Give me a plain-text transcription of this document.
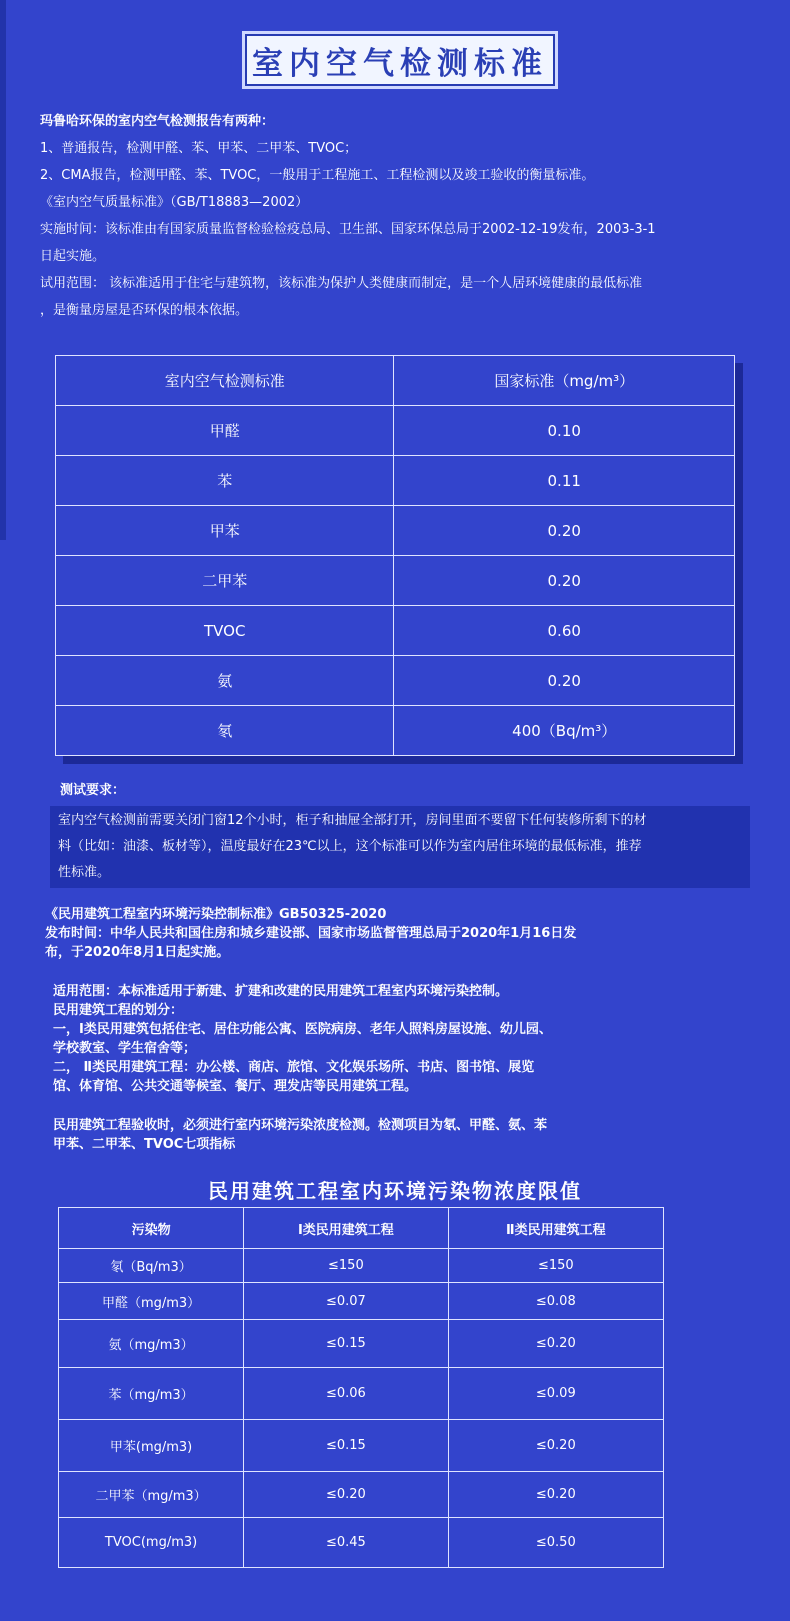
室内空气检测标准
玛鲁哈环保的室内空气检测报告有两种：
1、普通报告，检测甲醛、苯、甲苯、二甲苯、TVOC；
2、CMA报告，检测甲醛、苯、TVOC，一般用于工程施工、工程检测以及竣工验收的衡量标准。
《室内空气质量标准》（GB/T18883—2002）
实施时间：该标准由有国家质量监督检验检疫总局、卫生部、国家环保总局于2002-12-19发布，2003-3-1
日起实施。
试用范围： 该标准适用于住宅与建筑物，该标准为保护人类健康而制定，是一个人居环境健康的最低标准
，是衡量房屋是否环保的根本依据。
室内空气检测标准	国家标准（mg/m³）
甲醛	0.10
苯	0.11
甲苯	0.20
二甲苯	0.20
TVOC	0.60
氨	0.20
氡	400（Bq/m³）
测试要求：
室内空气检测前需要关闭门窗12个小时，柜子和抽屉全部打开，房间里面不要留下任何装修所剩下的材
料（比如：油漆、板材等），温度最好在23℃以上，这个标准可以作为室内居住环境的最低标准，推荐
性标准。

《民用建筑工程室内环境污染控制标准》GB50325-2020

发布时间：中华人民共和国住房和城乡建设部、国家市场监督管理总局于2020年1月16日发

布，于2020年8月1日起实施。

适用范围：本标准适用于新建、扩建和改建的民用建筑工程室内环境污染控制。

民用建筑工程的划分：

一，Ⅰ类民用建筑包括住宅、居住功能公寓、医院病房、老年人照料房屋设施、幼儿园、

学校教室、学生宿舍等；

二， Ⅱ类民用建筑工程：办公楼、商店、旅馆、文化娱乐场所、书店、图书馆、展览

馆、体育馆、公共交通等候室、餐厅、理发店等民用建筑工程。

民用建筑工程验收时，必须进行室内环境污染浓度检测。检测项目为氡、甲醛、氨、苯

甲苯、二甲苯、TVOC七项指标

民用建筑工程室内环境污染物浓度限值
污染物	Ⅰ类民用建筑工程	Ⅱ类民用建筑工程
氡（Bq/m3）	≤150	≤150
甲醛（mg/m3）	≤0.07	≤0.08
氨（mg/m3）	≤0.15	≤0.20
苯（mg/m3）	≤0.06	≤0.09
甲苯(mg/m3)	≤0.15	≤0.20
二甲苯（mg/m3）	≤0.20	≤0.20
TVOC(mg/m3)	≤0.45	≤0.50
